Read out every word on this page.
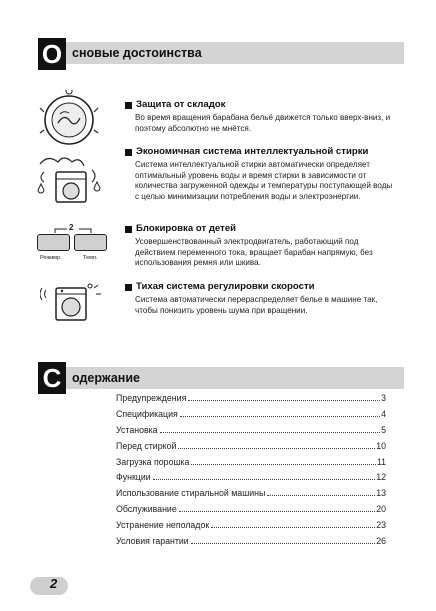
О сновые достоинства
Защита от складок
Во время вращения барабана бельё движется только вверх-вниз, и поэтому абсолютно не мнётся.
Экономичная система интеллектуальной стирки
Система интеллектуальной стирки автоматически определяет оптимальный уровень воды и время стирки в зависимости от количества загруженной одежды и температуры поступающей воды с целью минимизации потребления воды и электроэнергии.
2
Режимр.	Темп.
Блокировка от детей
Усовершенствованный электродвигатель, работающий под действием переменного тока, вращает барабан напрямую, без использования ремня или шкива.
Тихая система регулировки скорости
Система автоматически перераспределяет белье в машине так, чтобы понизить уровень шума при вращении.
С одержание
Предупреждения	3
Спецификация	4
Установка	5
Перед стиркой	10
Загрузка порошка	11
Функции	12
Использование стиральной машины	13
Обслуживание	20
Устранение неполадок	23
Условия гарантии	26
2
